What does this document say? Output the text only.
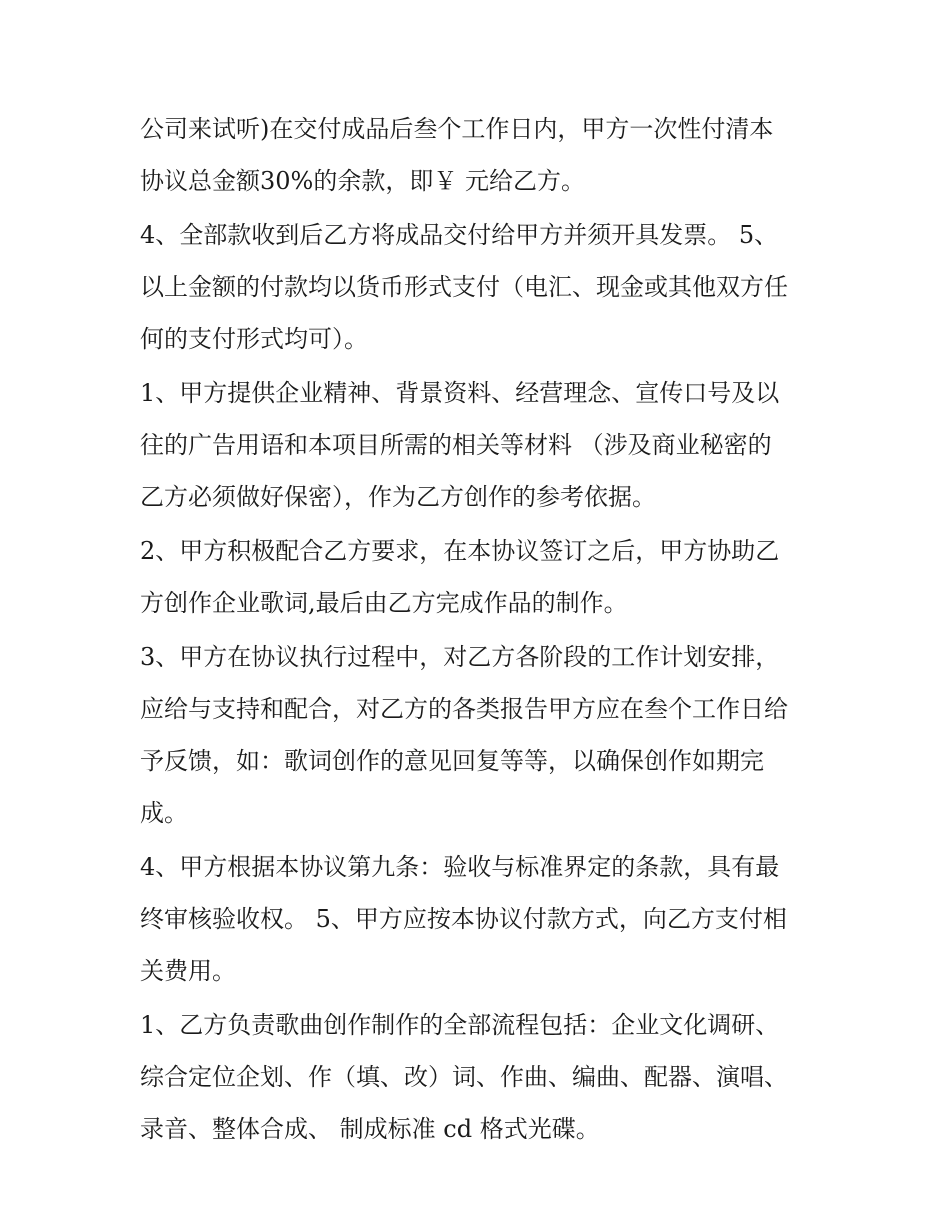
公司来试听)在交付成品后叁个工作日内，甲方一次性付清本
协议总金额30%的余款，即￥ 元给乙方。
4、全部款收到后乙方将成品交付给甲方并须开具发票。 5、
以上金额的付款均以货币形式支付（电汇、现金或其他双方任
何的支付形式均可）。
1、甲方提供企业精神、背景资料、经营理念、宣传口号及以
往的广告用语和本项目所需的相关等材料 （涉及商业秘密的
乙方必须做好保密），作为乙方创作的参考依据。
2、甲方积极配合乙方要求，在本协议签订之后，甲方协助乙
方创作企业歌词,最后由乙方完成作品的制作。
3、甲方在协议执行过程中，对乙方各阶段的工作计划安排，
应给与支持和配合，对乙方的各类报告甲方应在叁个工作日给
予反馈，如：歌词创作的意见回复等等，以确保创作如期完
成。
4、甲方根据本协议第九条：验收与标准界定的条款，具有最
终审核验收权。 5、甲方应按本协议付款方式，向乙方支付相
关费用。
1、乙方负责歌曲创作制作的全部流程包括：企业文化调研、
综合定位企划、作（填、改）词、作曲、编曲、配器、演唱、
录音、整体合成、 制成标准 cd 格式光碟。
